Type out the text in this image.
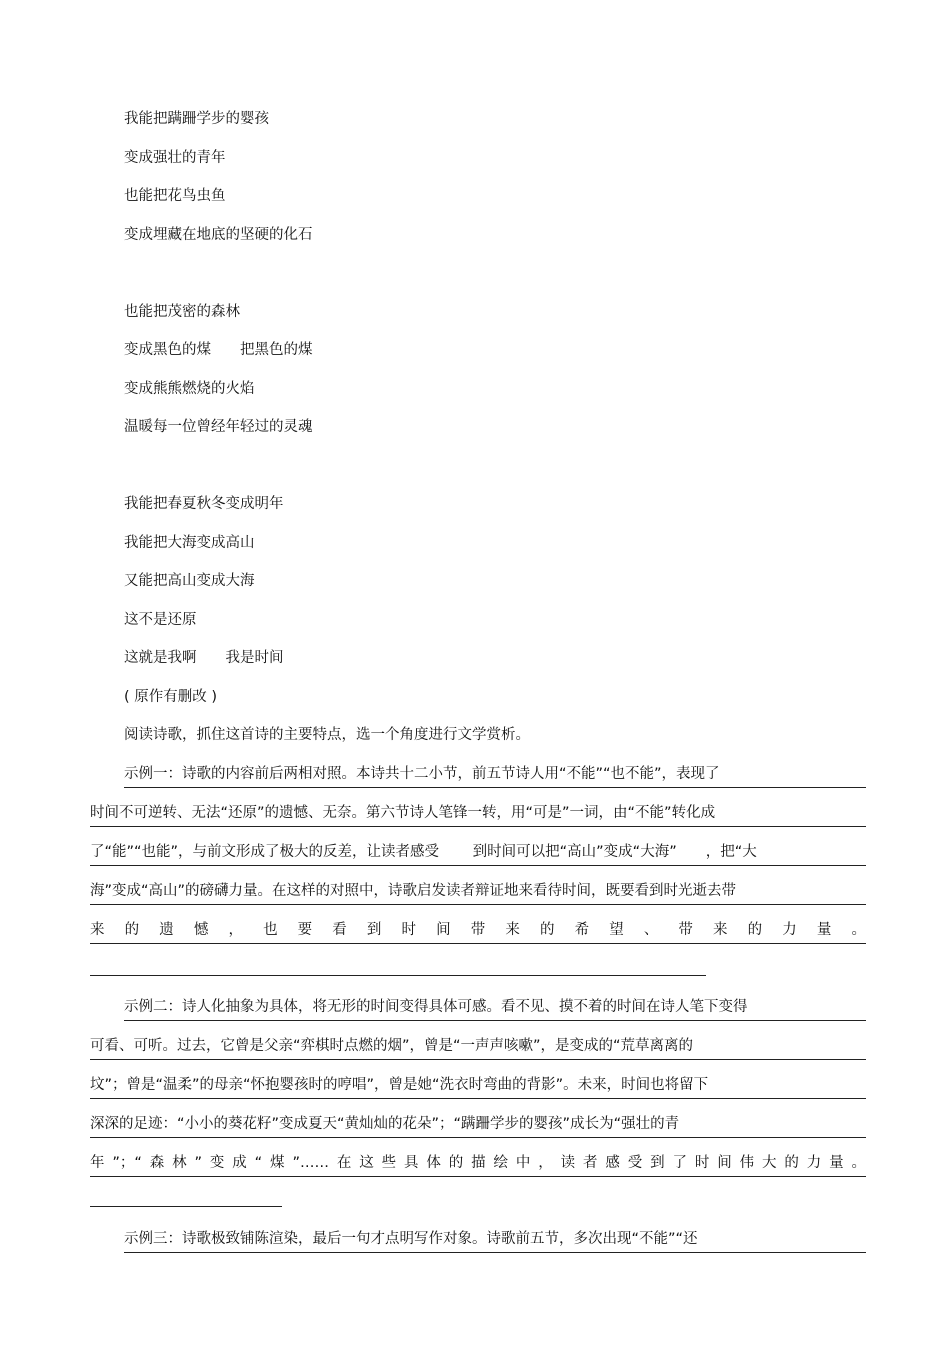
我能把蹒跚学步的婴孩
变成强壮的青年
也能把花鸟虫鱼
变成埋藏在地底的坚硬的化石
也能把茂密的森林
变成黑色的煤　　把黑色的煤
变成熊熊燃烧的火焰
温暖每一位曾经年轻过的灵魂
我能把春夏秋冬变成明年
我能把大海变成高山
又能把高山变成大海
这不是还原
这就是我啊　　我是时间
( 原作有删改 )
阅读诗歌，抓住这首诗的主要特点，选一个角度进行文学赏析。
示例一：诗歌的内容前后两相对照。本诗共十二小节，前五节诗人用“不能”“也不能”，表现了
时间不可逆转、无法“还原”的遗憾、无奈。第六节诗人笔锋一转，用“可是”一词，由“不能”转化成
了“能”“也能”，与前文形成了极大的反差，让读者感受　　 到时间可以把“高山”变成“大海”　　，把“大
海”变成“高山”的磅礴力量。在这样的对照中，诗歌启发读者辩证地来看待时间，既要看到时光逝去带
来的遗憾，也要看到时间带来的希望、带来的力量。
示例二：诗人化抽象为具体，将无形的时间变得具体可感。看不见、摸不着的时间在诗人笔下变得
可看、可听。过去，它曾是父亲“弈棋时点燃的烟”，曾是“一声声咳嗽”，是变成的“荒草离离的
坟”；曾是“温柔”的母亲“怀抱婴孩时的哼唱”，曾是她“洗衣时弯曲的背影”。未来，时间也将留下
深深的足迹：“小小的葵花籽”变成夏天“黄灿灿的花朵”；“蹒跚学步的婴孩”成长为“强壮的青
年”；“森林”变成“煤”……在这些具体的描绘中，读者感受到了时间伟大的力量。
示例三：诗歌极致铺陈渲染，最后一句才点明写作对象。诗歌前五节，多次出现“不能”“还
